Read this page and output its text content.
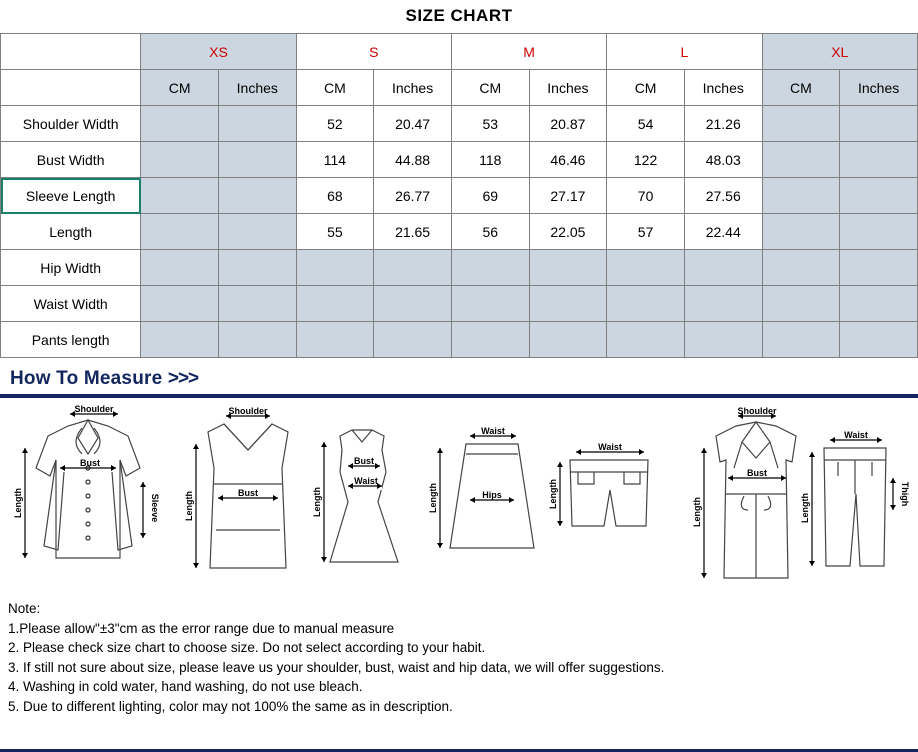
SIZE CHART
	XS		S		M		L		XL	
	CM	Inches	CM	Inches	CM	Inches	CM	Inches	CM	Inches
Shoulder Width			52	20.47	53	20.87	54	21.26		
Bust Width			114	44.88	118	46.46	122	48.03		
Sleeve Length			68	26.77	69	27.17	70	27.56		
Length			55	21.65	56	22.05	57	22.44		
Hip Width										
Waist Width										
Pants length										
How To Measure >>>
Shoulder
Bust
Sleeve
Length
Shoulder
Bust
Length
Bust
Waist
Length
Waist
Hips
Length
Waist
Length
Shoulder
Bust
Length
Waist
Thigh
Length
Note:
1.Please allow"±3"cm as the error range due to manual measure
2. Please check size chart to choose size. Do not select according to your habit.
3. If still not sure about size, please leave us your shoulder, bust, waist and hip data, we will offer suggestions.
4. Washing in cold water, hand washing, do not use bleach.
5. Due to different lighting, color may not 100% the same as in description.
